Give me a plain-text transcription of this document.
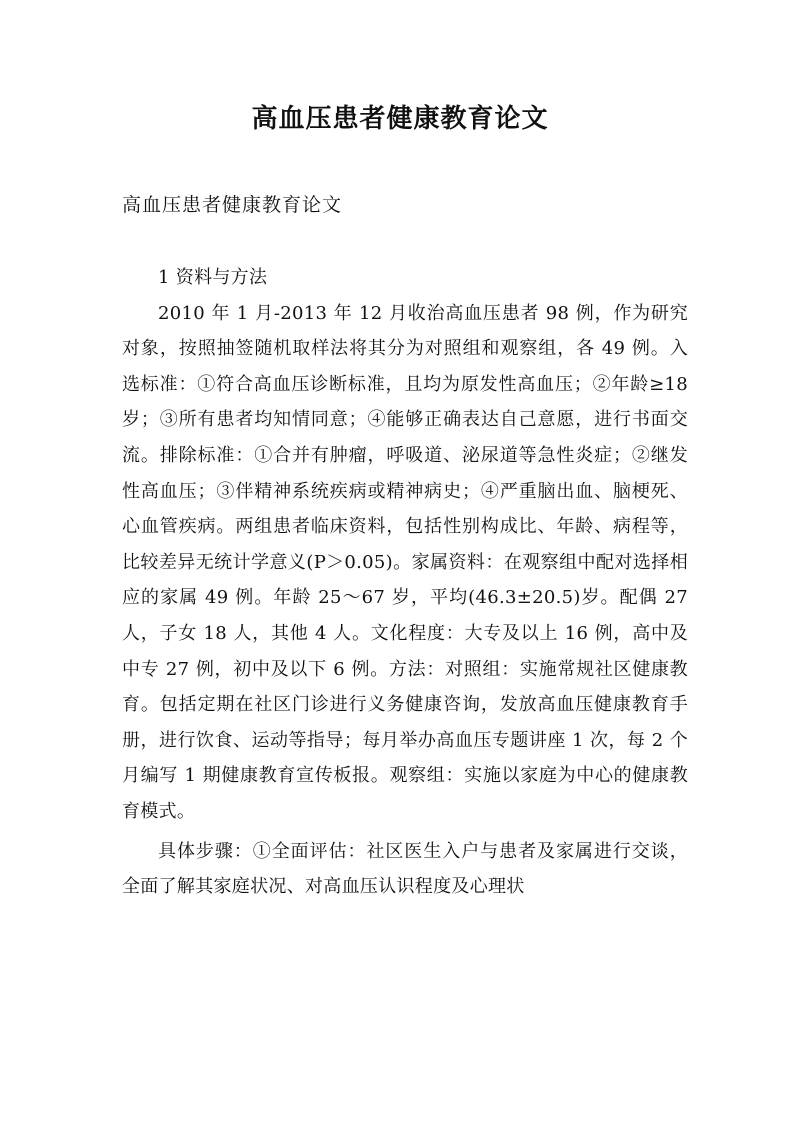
高血压患者健康教育论文

高血压患者健康教育论文

1 资料与方法

2010 年 1 月-2013 年 12 月收治高血压患者 98 例，作为研究对象，按照抽签随机取样法将其分为对照组和观察组，各 49 例。入选标准：①符合高血压诊断标准，且均为原发性高血压；②年龄≥18 岁；③所有患者均知情同意；④能够正确表达自己意愿，进行书面交流。排除标准：①合并有肿瘤，呼吸道、泌尿道等急性炎症；②继发性高血压；③伴精神系统疾病或精神病史；④严重脑出血、脑梗死、心血管疾病。两组患者临床资料，包括性别构成比、年龄、病程等，比较差异无统计学意义(P＞0.05)。家属资料：在观察组中配对选择相应的家属 49 例。年龄 25～67 岁，平均(46.3±20.5)岁。配偶 27 人，子女 18 人，其他 4 人。文化程度：大专及以上 16 例，高中及中专 27 例，初中及以下 6 例。方法：对照组：实施常规社区健康教育。包括定期在社区门诊进行义务健康咨询，发放高血压健康教育手册，进行饮食、运动等指导；每月举办高血压专题讲座 1 次，每 2 个月编写 1 期健康教育宣传板报。观察组：实施以家庭为中心的健康教育模式。

具体步骤：①全面评估：社区医生入户与患者及家属进行交谈，全面了解其家庭状况、对高血压认识程度及心理状
